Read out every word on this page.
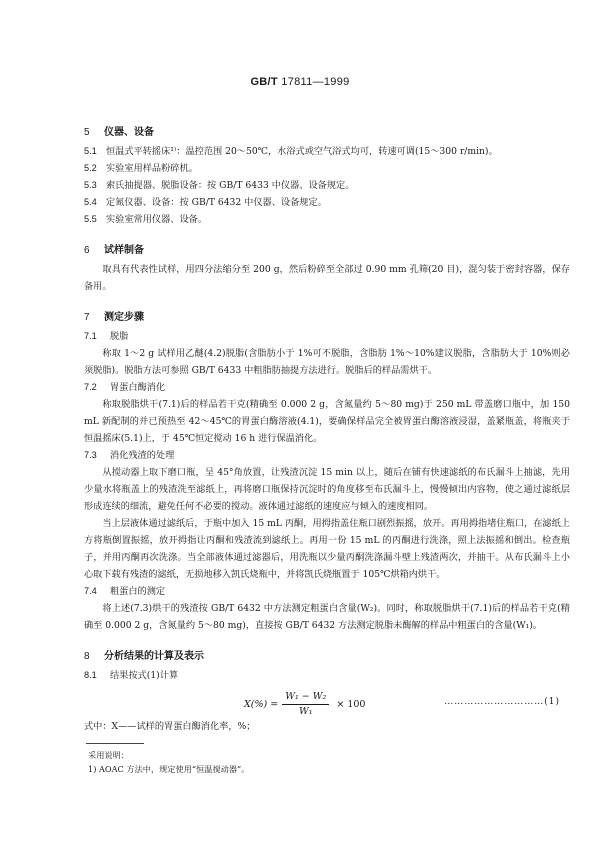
GB/T 17811—1999
5 仪器、设备
5.1	恒温式平转摇床¹⁾：温控范围 20～50℃，水浴式或空气浴式均可，转速可调(15～300 r/min)。
5.2	实验室用样品粉碎机。
5.3	索氏抽提器、脱脂设备：按 GB/T 6433 中仪器、设备规定。
5.4	定氮仪器、设备：按 GB/T 6432 中仪器、设备规定。
5.5	实验室常用仪器、设备。
6 试样制备
取具有代表性试样，用四分法缩分至 200 g，然后粉碎至全部过 0.90 mm 孔筛(20 目)，混匀装于密封容器，保存备用。
7 测定步骤
7.1	脱脂
称取 1～2 g 试样用乙醚(4.2)脱脂(含脂肪小于 1%可不脱脂，含脂肪 1%～10%建议脱脂，含脂肪大于 10%则必须脱脂)。脱脂方法可参照 GB/T 6433 中粗脂肪抽提方法进行。脱脂后的样品需烘干。
7.2	胃蛋白酶消化
称取脱脂烘干(7.1)后的样品若干克(精确至 0.000 2 g，含氮量约 5～80 mg)于 250 mL 带盖磨口瓶中，加 150 mL 新配制的并已预热至 42～45℃的胃蛋白酶溶液(4.1)，要确保样品完全被胃蛋白酶溶液浸湿，盖紧瓶盖，将瓶夹于恒温摇床(5.1)上，于 45℃恒定搅动 16 h 进行保温消化。
7.3	消化残渣的处理
从搅动器上取下磨口瓶，呈 45°角放置，让残渣沉淀 15 min 以上，随后在铺有快速滤纸的布氏漏斗上抽滤，先用少量水将瓶盖上的残渣洗至滤纸上，再将磨口瓶保持沉淀时的角度移至布氏漏斗上，慢慢倾出内容物，使之通过滤纸层形成连续的细流，避免任何不必要的搅动。液体通过滤纸的速度应与倾入的速度相同。
当上层液体通过滤纸后，于瓶中加入 15 mL 丙酮，用拇指盖住瓶口剧烈振摇，放开。再用拇指堵住瓶口，在滤纸上方将瓶倒置振摇，放开拇指让丙酮和残渣流到滤纸上。再用一份 15 mL 的丙酮进行洗涤，照上法振摇和倒出。检查瓶子，并用丙酮再次洗涤。当全部液体通过滤器后，用洗瓶以少量丙酮洗涤漏斗壁上残渣两次，并抽干。从布氏漏斗上小心取下载有残渣的滤纸，无损地移入凯氏烧瓶中，并将凯氏烧瓶置于 105℃烘箱内烘干。
7.4	粗蛋白的测定
将上述(7.3)烘干的残渣按 GB/T 6432 中方法测定粗蛋白含量(W₂)。同时，称取脱脂烘干(7.1)后的样品若干克(精确至 0.000 2 g，含氮量约 5～80 mg)，直接按 GB/T 6432 方法测定脱脂未酶解的样品中粗蛋白的含量(W₁)。
8 分析结果的计算及表示
8.1	结果按式(1)计算
$X(\%) = \frac{\text{W₁ − W₂}}{\text{W₁}} \times 100$	…………………………(1)
式中：X——试样的胃蛋白酶消化率，%；
采用说明：
1) AOAC 方法中，规定使用“恒温搅动器”。
